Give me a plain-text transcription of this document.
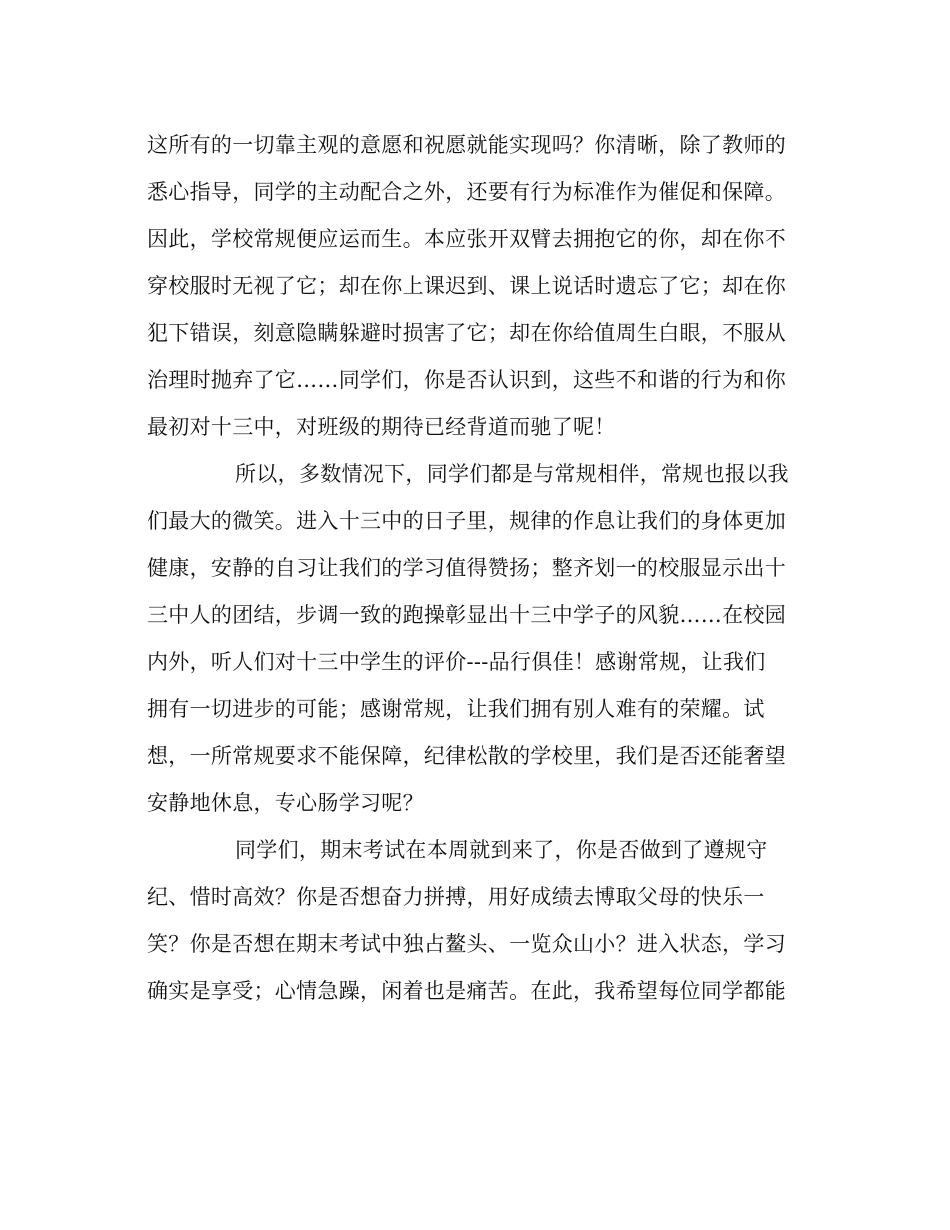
这所有的一切靠主观的意愿和祝愿就能实现吗？你清晰，除了教师的
悉心指导，同学的主动配合之外，还要有行为标准作为催促和保障。
因此，学校常规便应运而生。本应张开双臂去拥抱它的你，却在你不
穿校服时无视了它；却在你上课迟到、课上说话时遗忘了它；却在你
犯下错误，刻意隐瞒躲避时损害了它；却在你给值周生白眼，不服从
治理时抛弃了它……同学们，你是否认识到，这些不和谐的行为和你
最初对十三中，对班级的期待已经背道而驰了呢！
所以，多数情况下，同学们都是与常规相伴，常规也报以我
们最大的微笑。进入十三中的日子里，规律的作息让我们的身体更加
健康，安静的自习让我们的学习值得赞扬；整齐划一的校服显示出十
三中人的团结，步调一致的跑操彰显出十三中学子的风貌……在校园
内外，听人们对十三中学生的评价---品行俱佳！感谢常规，让我们
拥有一切进步的可能；感谢常规，让我们拥有别人难有的荣耀。试
想，一所常规要求不能保障，纪律松散的学校里，我们是否还能奢望
安静地休息，专心肠学习呢？
同学们，期末考试在本周就到来了，你是否做到了遵规守
纪、惜时高效？你是否想奋力拼搏，用好成绩去博取父母的快乐一
笑？你是否想在期末考试中独占鳌头、一览众山小？进入状态，学习
确实是享受；心情急躁，闲着也是痛苦。在此，我希望每位同学都能
